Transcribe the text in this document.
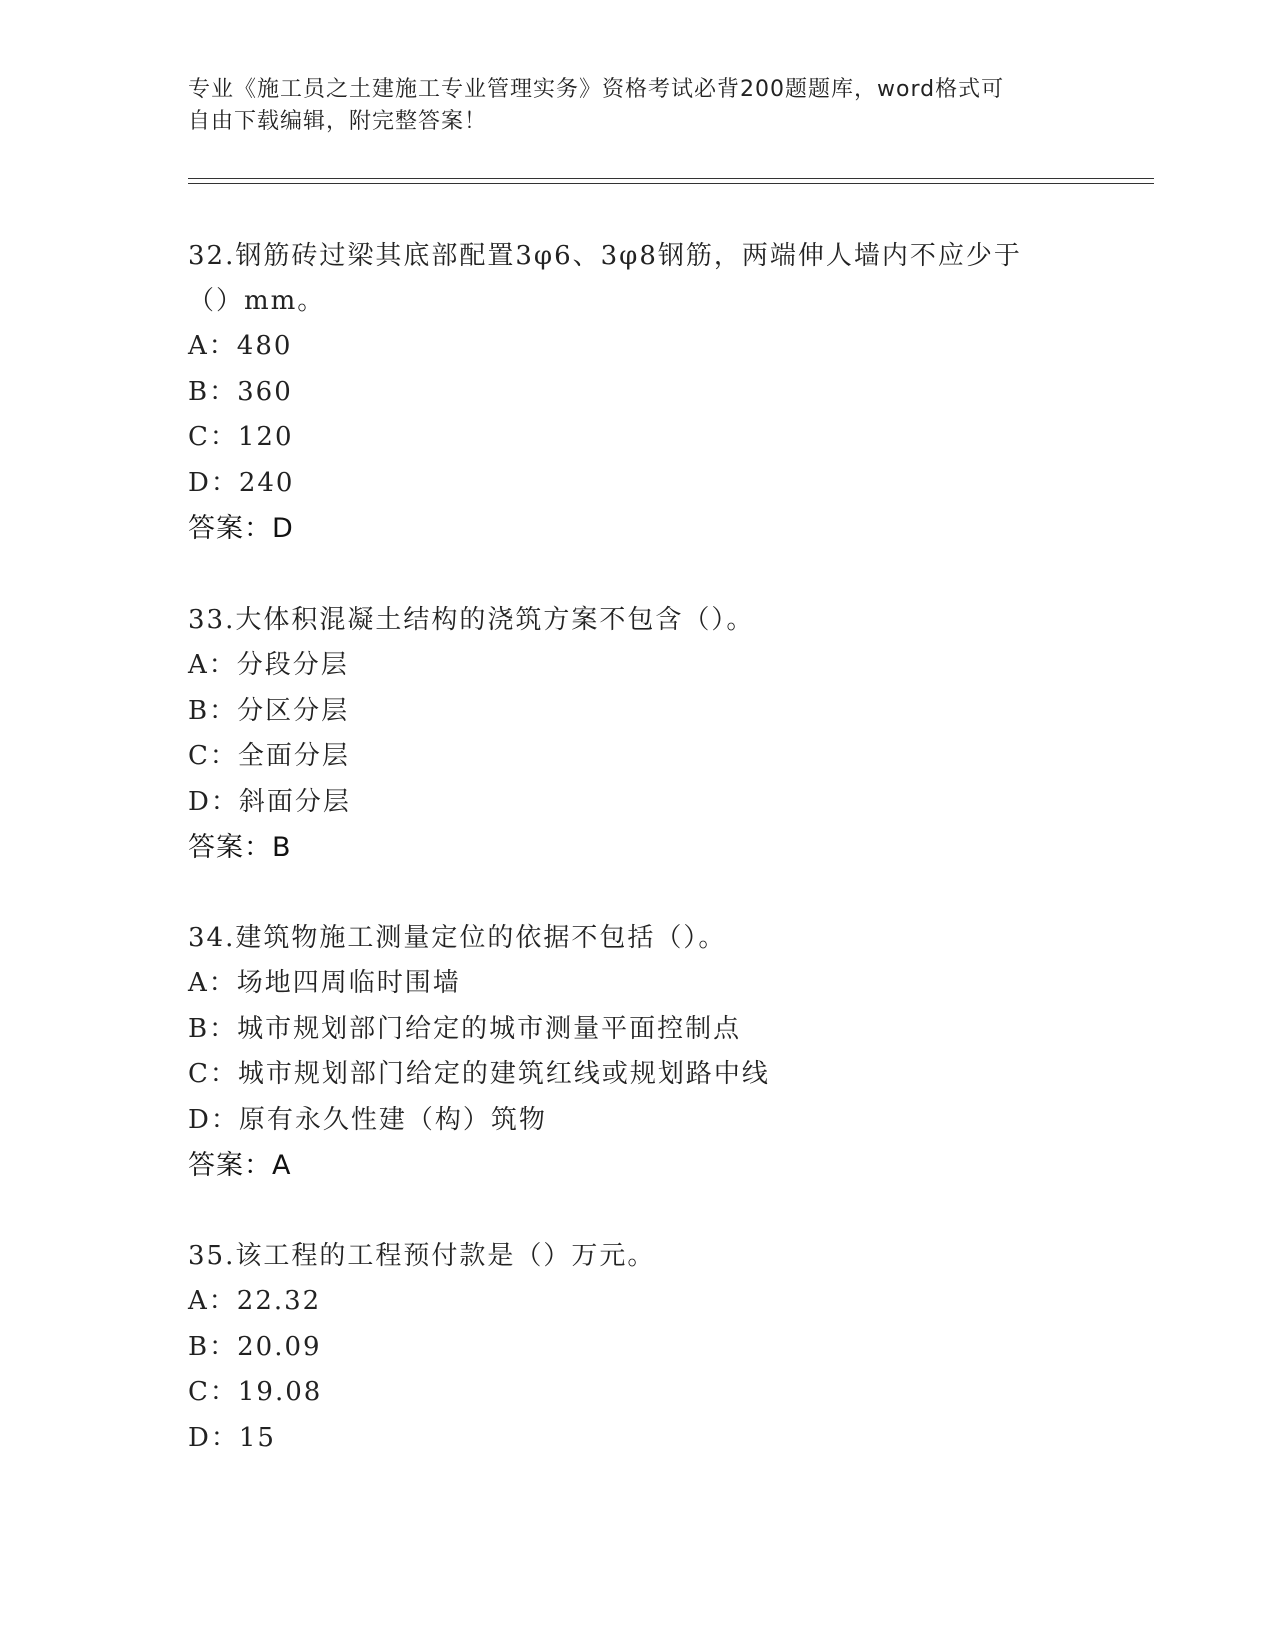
专业《施工员之土建施工专业管理实务》资格考试必背200题题库，word格式可
自由下载编辑，附完整答案！
32.钢筋砖过梁其底部配置3φ6、3φ8钢筋，两端伸人墙内不应少于
（）mm。
A：480
B：360
C：120
D：240
答案：D
33.大体积混凝土结构的浇筑方案不包含（）。
A：分段分层
B：分区分层
C：全面分层
D：斜面分层
答案：B
34.建筑物施工测量定位的依据不包括（）。
A：场地四周临时围墙
B：城市规划部门给定的城市测量平面控制点
C：城市规划部门给定的建筑红线或规划路中线
D：原有永久性建（构）筑物
答案：A
35.该工程的工程预付款是（）万元。
A：22.32
B：20.09
C：19.08
D：15
